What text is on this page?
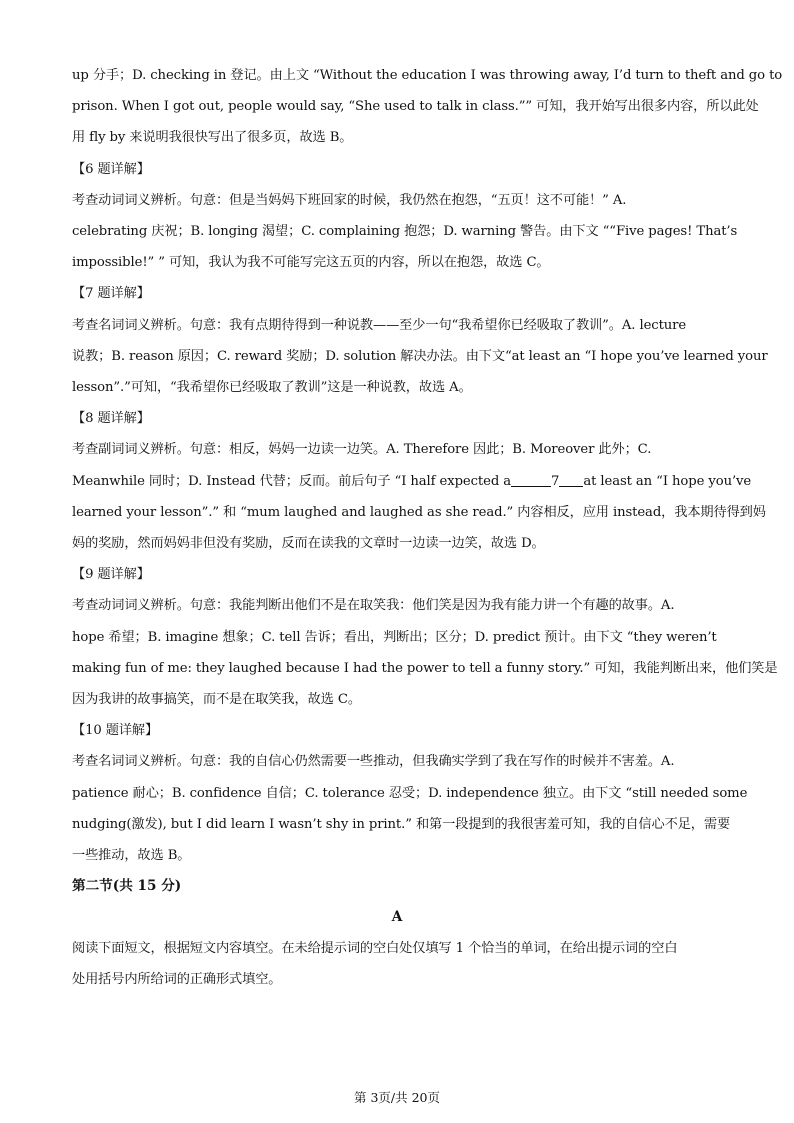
up 分手；D. checking in 登记。由上文 “Without the education I was throwing away, I’d turn to theft and go to
prison. When I got out, people would say, “She used to talk in class.”” 可知，我开始写出很多内容，所以此处
用 fly by 来说明我很快写出了很多页，故选 B。

【6 题详解】

考查动词词义辨析。句意：但是当妈妈下班回家的时候，我仍然在抱怨，“五页！这不可能！” A.
celebrating 庆祝；B. longing 渴望；C. complaining 抱怨；D. warning 警告。由下文 ““Five pages! That’s
impossible!” ” 可知，我认为我不可能写完这五页的内容，所以在抱怨，故选 C。

【7 题详解】

考查名词词义辨析。句意：我有点期待得到一种说教——至少一句“我希望你已经吸取了教训”。A. lecture
说教；B. reason 原因；C. reward 奖励；D. solution 解决办法。由下文“at least an “I hope you’ve learned your
lesson”.”可知，“我希望你已经吸取了教训”这是一种说教，故选 A。

【8 题详解】

考查副词词义辨析。句意：相反，妈妈一边读一边笑。A. Therefore 因此；B. Moreover 此外；C.
Meanwhile 同时；D. Instead 代替；反而。前后句子 “I half expected a	7 at least an “I hope you’ve
learned your lesson”.” 和 “mum laughed and laughed as she read.” 内容相反，应用 instead，我本期待得到妈
妈的奖励，然而妈妈非但没有奖励，反而在读我的文章时一边读一边笑，故选 D。

【9 题详解】

考查动词词义辨析。句意：我能判断出他们不是在取笑我：他们笑是因为我有能力讲一个有趣的故事。A.
hope 希望；B. imagine 想象；C. tell 告诉；看出，判断出；区分；D. predict 预计。由下文 “they weren’t
making fun of me: they laughed because I had the power to tell a funny story.” 可知，我能判断出来，他们笑是
因为我讲的故事搞笑，而不是在取笑我，故选 C。

【10 题详解】

考查名词词义辨析。句意：我的自信心仍然需要一些推动，但我确实学到了我在写作的时候并不害羞。A.
patience 耐心；B. confidence 自信；C. tolerance 忍受；D. independence 独立。由下文 “still needed some
nudging(激发), but I did learn I wasn’t shy in print.” 和第一段提到的我很害羞可知，我的自信心不足，需要
一些推动，故选 B。

第二节(共 15 分)

A

阅读下面短文，根据短文内容填空。在未给提示词的空白处仅填写 1 个恰当的单词，在给出提示词的空白
处用括号内所给词的正确形式填空。

第 3页/共 20页
